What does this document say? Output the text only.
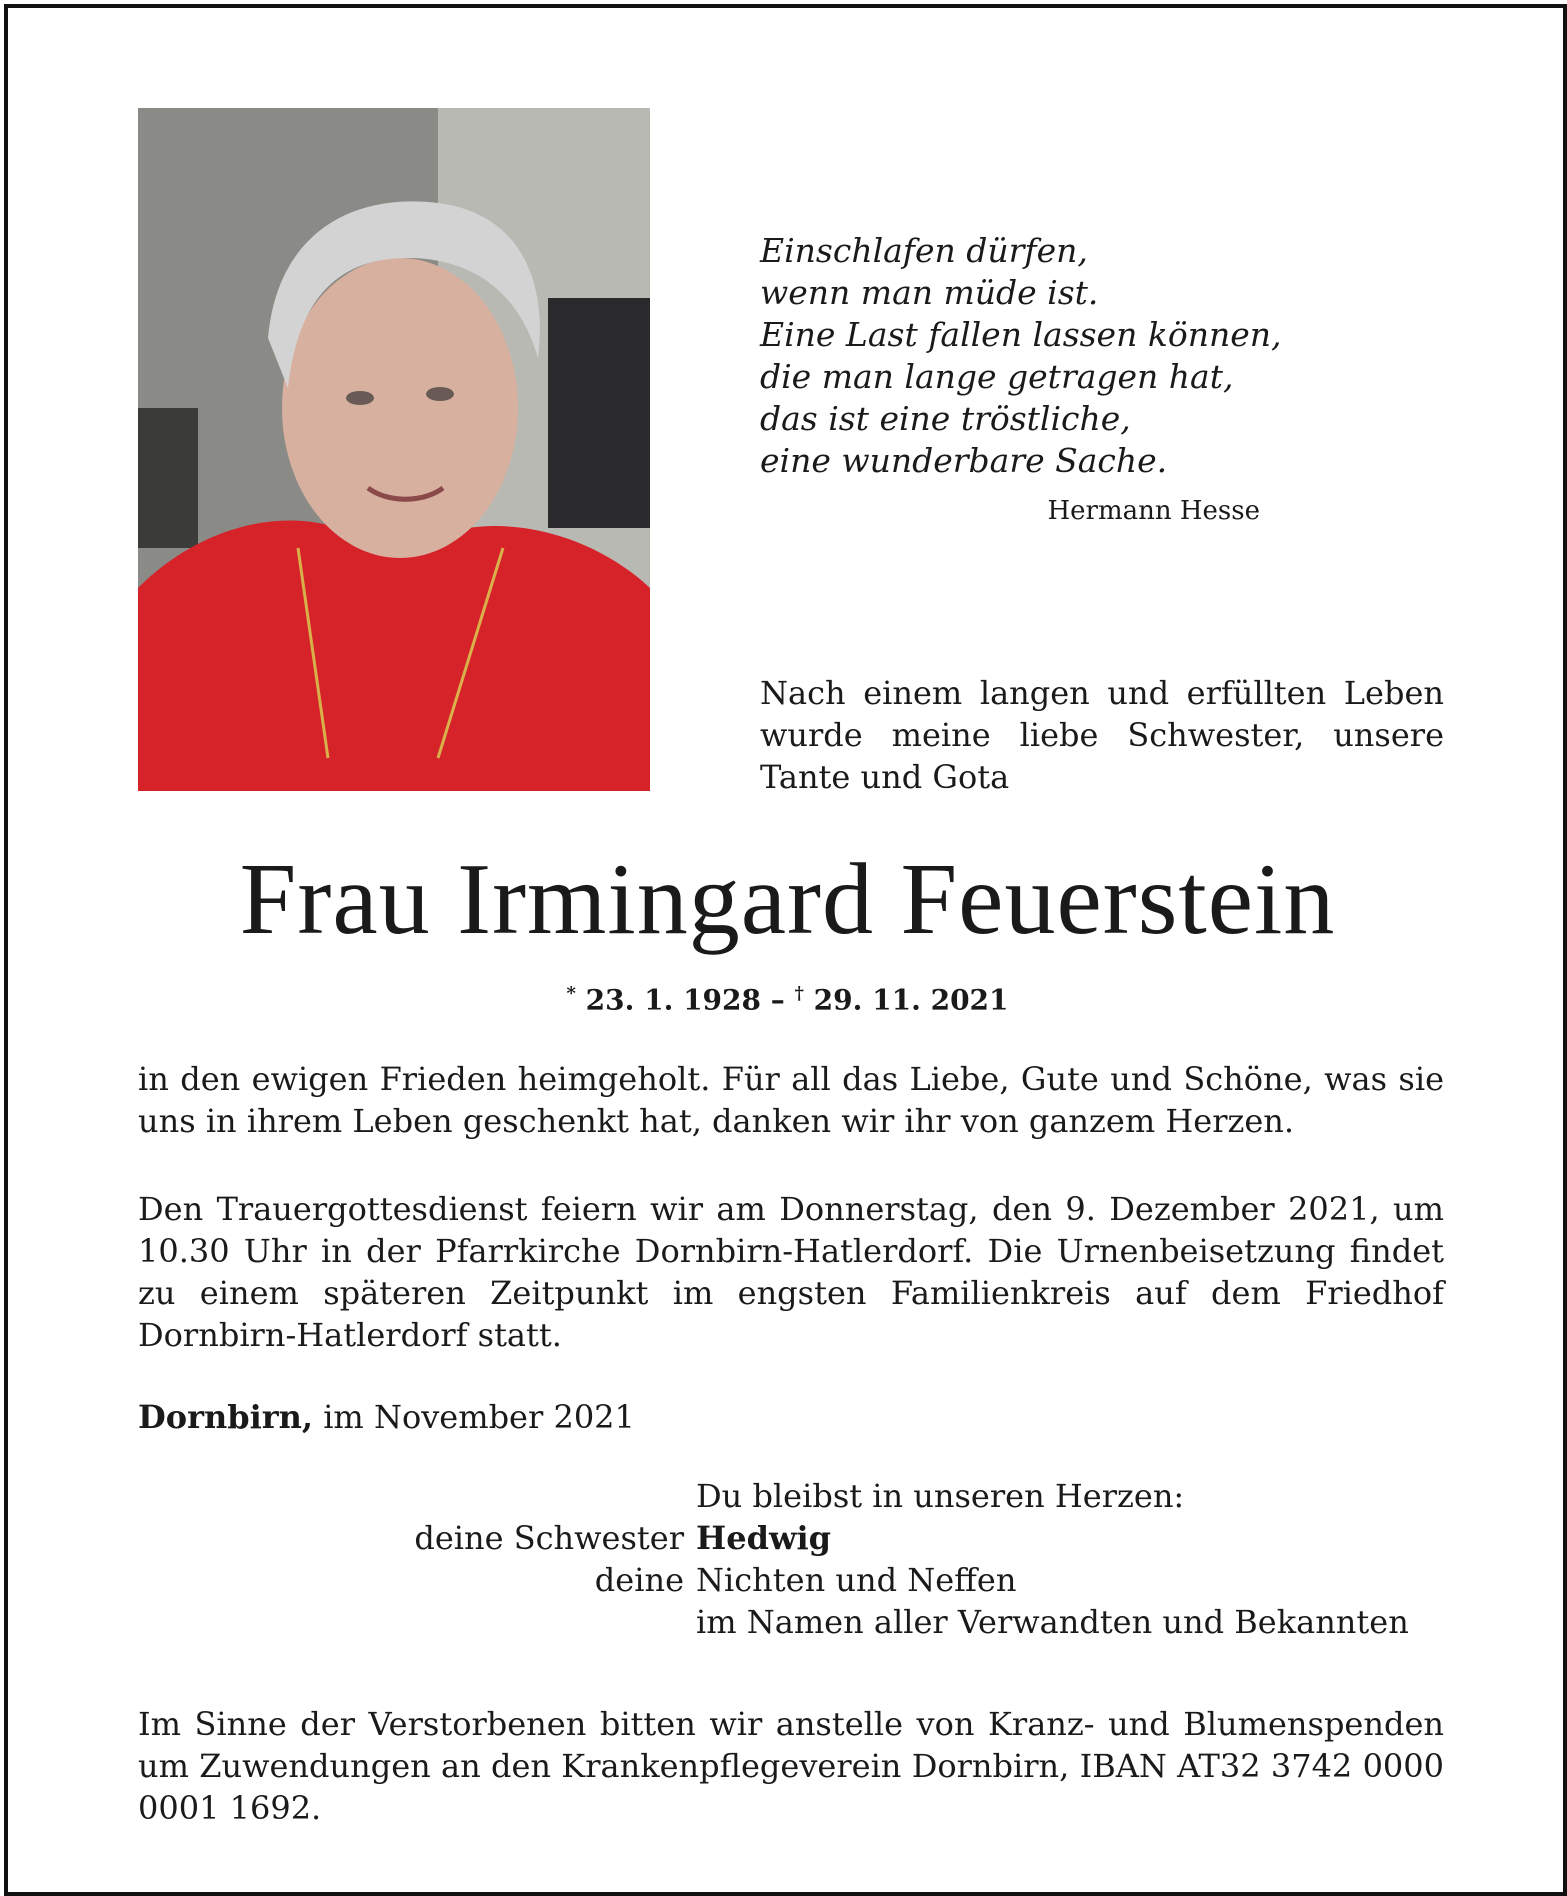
Einschlafen dürfen,
wenn man müde ist.
Eine Last fallen lassen können,
die man lange getragen hat,
das ist eine tröstliche,
eine wunderbare Sache.
Hermann Hesse
Nach einem langen und erfüllten Leben wurde meine liebe Schwester, unsere Tante und Gota
Frau Irmingard Feuerstein
* 23. 1. 1928 – † 29. 11. 2021
in den ewigen Frieden heimgeholt. Für all das Liebe, Gute und Schöne, was sie uns in ihrem Leben geschenkt hat, danken wir ihr von ganzem Herzen.
Den Trauergottesdienst feiern wir am Donnerstag, den 9. Dezember 2021, um 10.30 Uhr in der Pfarrkirche Dornbirn-Hatlerdorf. Die Urnenbeisetzung findet zu einem späteren Zeitpunkt im engsten Familienkreis auf dem Friedhof Dornbirn-Hatlerdorf statt.
Dornbirn, im November 2021
Du bleibst in unseren Herzen:
deine Schwester Hedwig
deine Nichten und Neffen
im Namen aller Verwandten und Bekannten
Im Sinne der Verstorbenen bitten wir anstelle von Kranz- und Blumenspenden um Zuwendungen an den Krankenpflegeverein Dornbirn, IBAN AT32 3742 0000 0001 1692.
